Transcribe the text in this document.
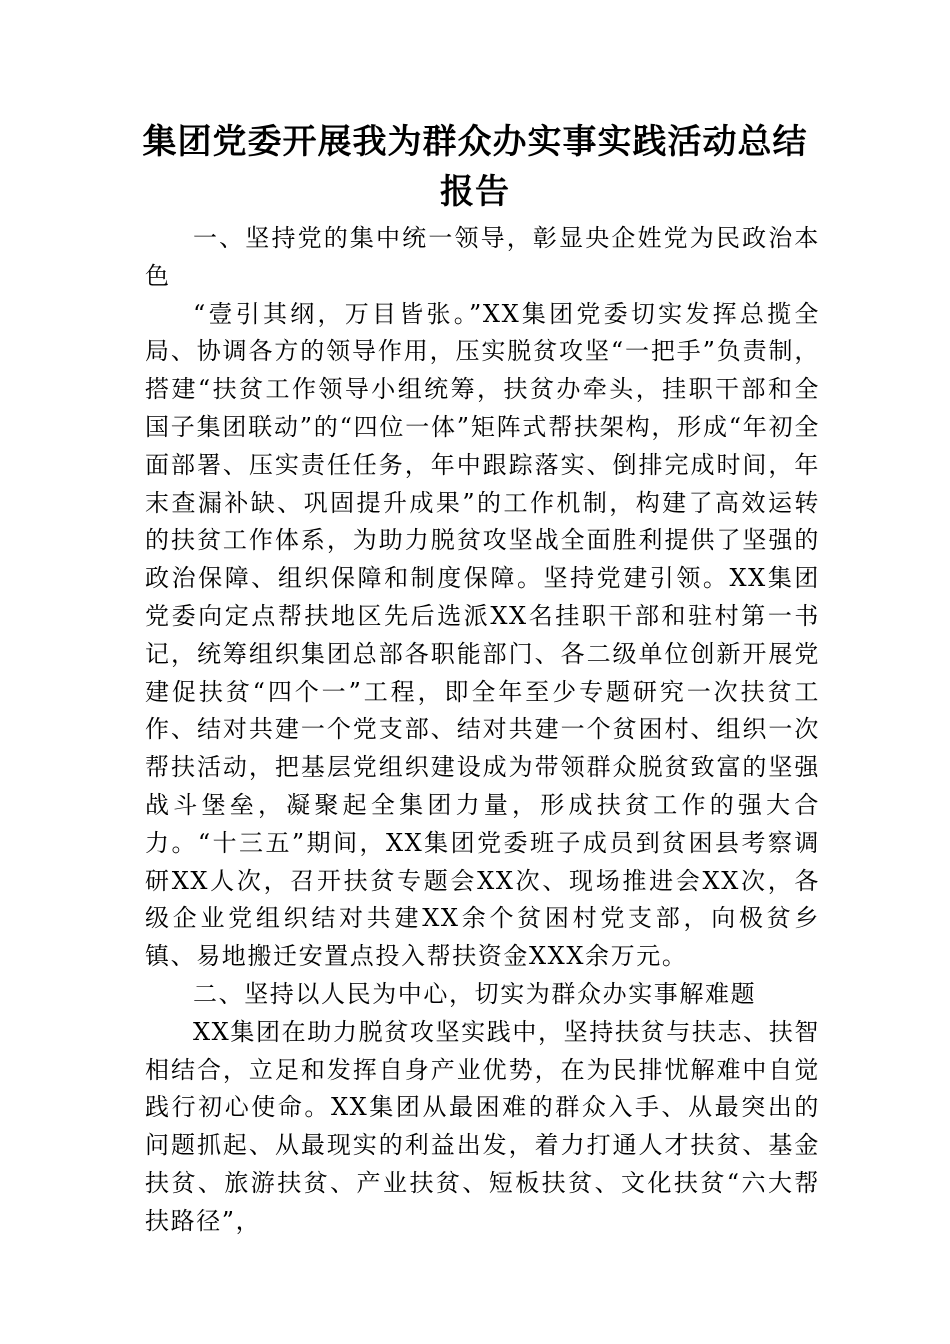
集团党委开展我为群众办实事实践活动总结
报告

一、坚持党的集中统一领导，彰显央企姓党为民政治本色

“壹引其纲，万目皆张。”XX集团党委切实发挥总揽全局、协调各方的领导作用，压实脱贫攻坚“一把手”负责制，搭建“扶贫工作领导小组统筹，扶贫办牵头，挂职干部和全国子集团联动”的“四位一体”矩阵式帮扶架构，形成“年初全面部署、压实责任任务，年中跟踪落实、倒排完成时间，年末查漏补缺、巩固提升成果”的工作机制，构建了高效运转的扶贫工作体系，为助力脱贫攻坚战全面胜利提供了坚强的政治保障、组织保障和制度保障。坚持党建引领。XX集团党委向定点帮扶地区先后选派XX名挂职干部和驻村第一书记，统筹组织集团总部各职能部门、各二级单位创新开展党建促扶贫“四个一”工程，即全年至少专题研究一次扶贫工作、结对共建一个党支部、结对共建一个贫困村、组织一次帮扶活动，把基层党组织建设成为带领群众脱贫致富的坚强战斗堡垒，凝聚起全集团力量，形成扶贫工作的强大合力。“十三五”期间，XX集团党委班子成员到贫困县考察调研XX人次，召开扶贫专题会XX次、现场推进会XX次，各级企业党组织结对共建XX余个贫困村党支部，向极贫乡镇、易地搬迁安置点投入帮扶资金XXX余万元。

二、坚持以人民为中心，切实为群众办实事解难题

XX集团在助力脱贫攻坚实践中，坚持扶贫与扶志、扶智相结合，立足和发挥自身产业优势，在为民排忧解难中自觉践行初心使命。XX集团从最困难的群众入手、从最突出的问题抓起、从最现实的利益出发，着力打通人才扶贫、基金扶贫、旅游扶贫、产业扶贫、短板扶贫、文化扶贫“六大帮扶路径”，
